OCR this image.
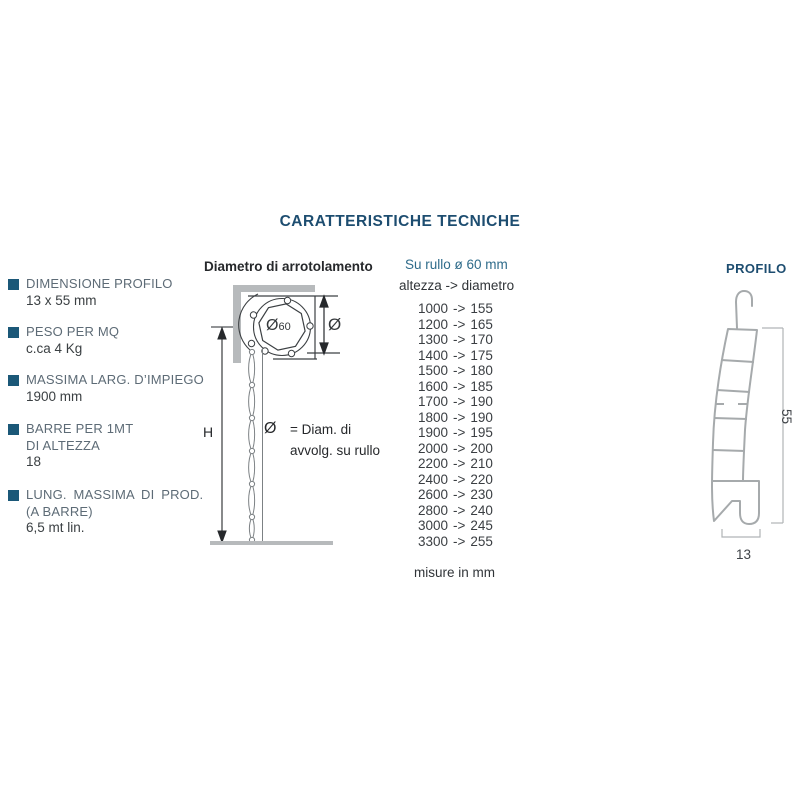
CARATTERISTICHE TECNICHE
DIMENSIONE PROFILO
13 x 55 mm
PESO PER MQ
c.ca 4 Kg
MASSIMA LARG. D’IMPIEGO
1900 mm
BARRE PER 1MT
DI ALTEZZA
18
LUNG. MASSIMA DI PROD.
(A BARRE)
6,5 mt lin.
Diametro di arrotolamento
H
Ø60 Ø
Ø = Diam. di
avvolg. su rullo
Su rullo ø 60 mm
altezza -> diametro
1000 -> 155
1200 -> 165
1300 -> 170
1400 -> 175
1500 -> 180
1600 -> 185
1700 -> 190
1800 -> 190
1900 -> 195
2000 -> 200
2200 -> 210
2400 -> 220
2600 -> 230
2800 -> 240
3000 -> 245
3300 -> 255
misure in mm
PROFILO
55
13
